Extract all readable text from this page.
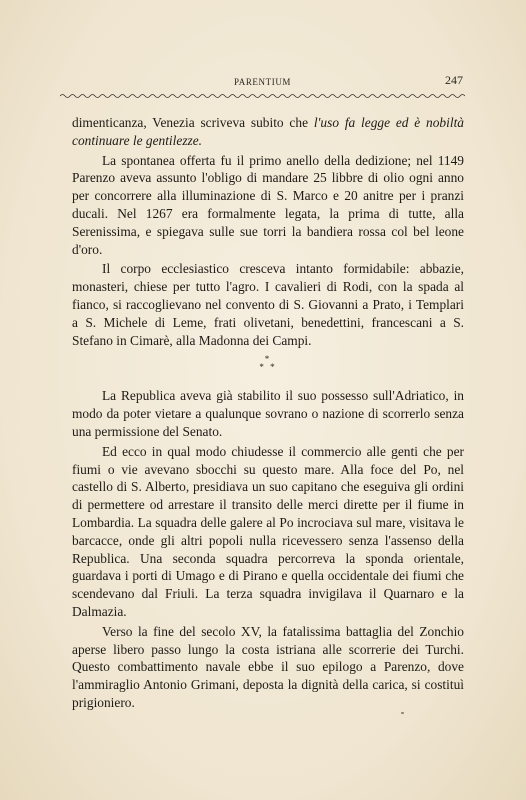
PARENTIUM	247

dimenticanza, Venezia scriveva subito che l'uso fa legge ed è nobiltà continuare le gentilezze.

La spontanea offerta fu il primo anello della dedizione; nel 1149 Parenzo aveva assunto l'obligo di mandare 25 libbre di olio ogni anno per concorrere alla illuminazione di S. Marco e 20 anitre per i pranzi ducali. Nel 1267 era formalmente legata, la prima di tutte, alla Serenissima, e spiegava sulle sue torri la bandiera rossa col bel leone d'oro.

Il corpo ecclesiastico cresceva intanto formidabile: abbazie, monasteri, chiese per tutto l'agro. I cavalieri di Rodi, con la spada al fianco, si raccoglievano nel convento di S. Giovanni a Prato, i Templari a S. Michele di Leme, frati olivetani, benedettini, francescani a S. Stefano in Cimarè, alla Madonna dei Campi.

*
* *

La Republica aveva già stabilito il suo possesso sull'Adriatico, in modo da poter vietare a qualunque sovrano o nazione di scorrerlo senza una permissione del Senato.

Ed ecco in qual modo chiudesse il commercio alle genti che per fiumi o vie avevano sbocchi su questo mare. Alla foce del Po, nel castello di S. Alberto, presidiava un suo capitano che eseguiva gli ordini di permettere od arrestare il transito delle merci dirette per il fiume in Lombardia. La squadra delle galere al Po incrociava sul mare, visitava le barcacce, onde gli altri popoli nulla ricevessero senza l'assenso della Republica. Una seconda squadra percorreva la sponda orientale, guardava i porti di Umago e di Pirano e quella occidentale dei fiumi che scendevano dal Friuli. La terza squadra invigilava il Quarnaro e la Dalmazia.

Verso la fine del secolo XV, la fatalissima battaglia del Zonchio aperse libero passo lungo la costa istriana alle scorrerie dei Turchi. Questo combattimento navale ebbe il suo epilogo a Parenzo, dove l'ammiraglio Antonio Grimani, deposta la dignità della carica, si costituì prigioniero.
